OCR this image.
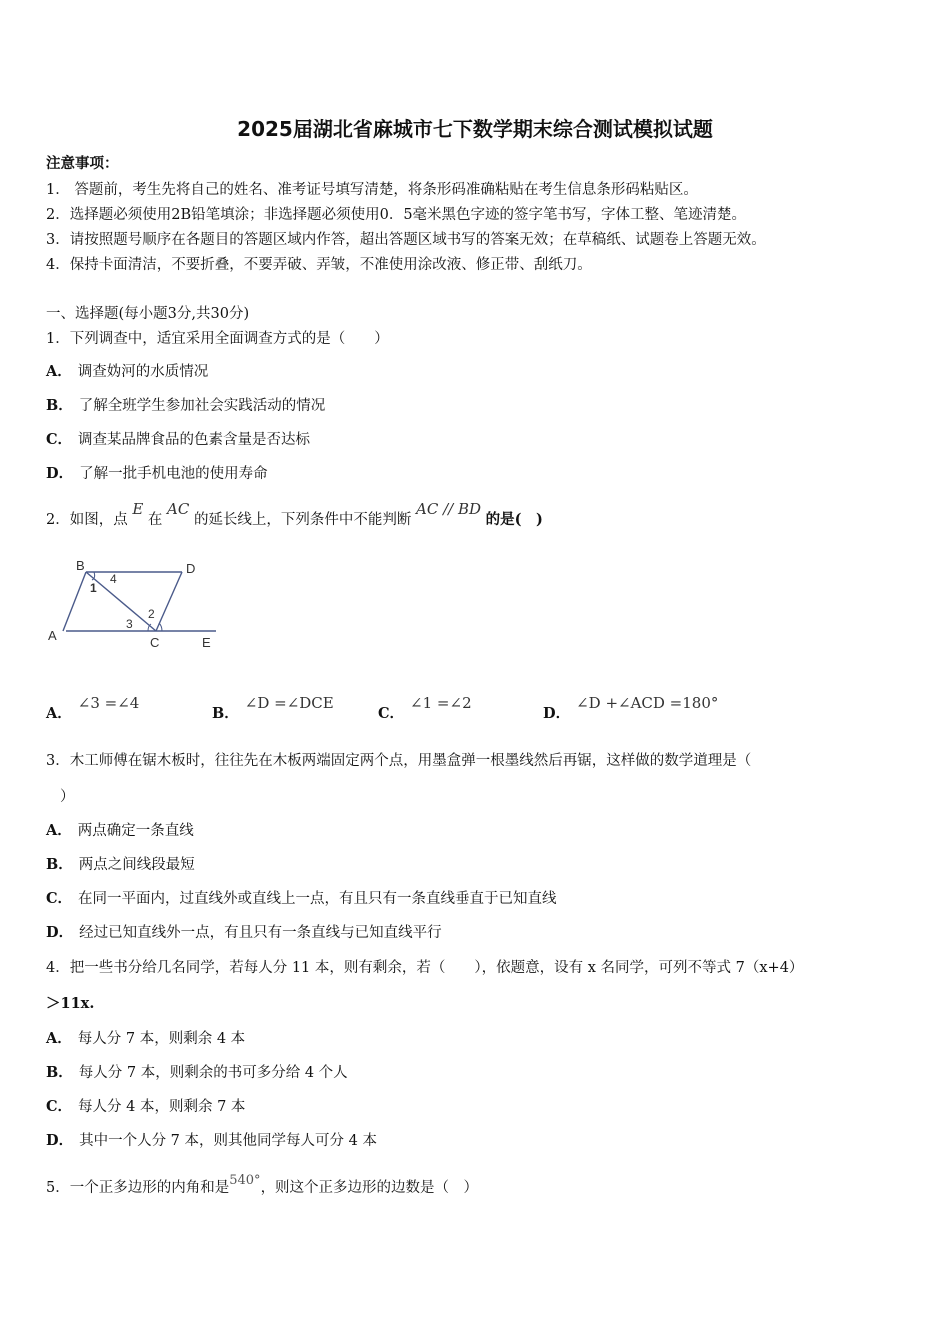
2025届湖北省麻城市七下数学期末综合测试模拟试题
注意事项：
1． 答题前，考生先将自己的姓名、准考证号填写清楚，将条形码准确粘贴在考生信息条形码粘贴区。
2．选择题必须使用2B铅笔填涂；非选择题必须使用0．5毫米黑色字迹的签字笔书写，字体工整、笔迹清楚。
3．请按照题号顺序在各题目的答题区域内作答，超出答题区域书写的答案无效；在草稿纸、试题卷上答题无效。
4．保持卡面清洁，不要折叠，不要弄破、弄皱，不准使用涂改液、修正带、刮纸刀。
一、选择题(每小题3分,共30分)
1．下列调查中，适宜采用全面调查方式的是（　　）
A． 调查妫河的水质情况
B． 了解全班学生参加社会实践活动的情况
C． 调查某品牌食品的色素含量是否达标
D． 了解一批手机电池的使用寿命
2．如图，点 E 在 AC 的延长线上，下列条件中不能判断 AC // BD 的是(　)
B	D
A	C	E
1
4
2
3
A．∠3 =∠4
B．∠D =∠DCE
C．∠1 =∠2
D．∠D +∠ACD =180°
3．木工师傅在锯木板时，往往先在木板两端固定两个点，用墨盒弹一根墨线然后再锯，这样做的数学道理是（
）
A． 两点确定一条直线
B． 两点之间线段最短
C． 在同一平面内，过直线外或直线上一点，有且只有一条直线垂直于已知直线
D． 经过已知直线外一点，有且只有一条直线与已知直线平行
4．把一些书分给几名同学，若每人分 11 本，则有剩余，若（　　），依题意，设有 x 名同学，可列不等式 7（x+4）
＞11x.
A． 每人分 7 本，则剩余 4 本
B． 每人分 7 本，则剩余的书可多分给 4 个人
C． 每人分 4 本，则剩余 7 本
D． 其中一个人分 7 本，则其他同学每人可分 4 本
5．一个正多边形的内角和是540°，则这个正多边形的边数是（　）
